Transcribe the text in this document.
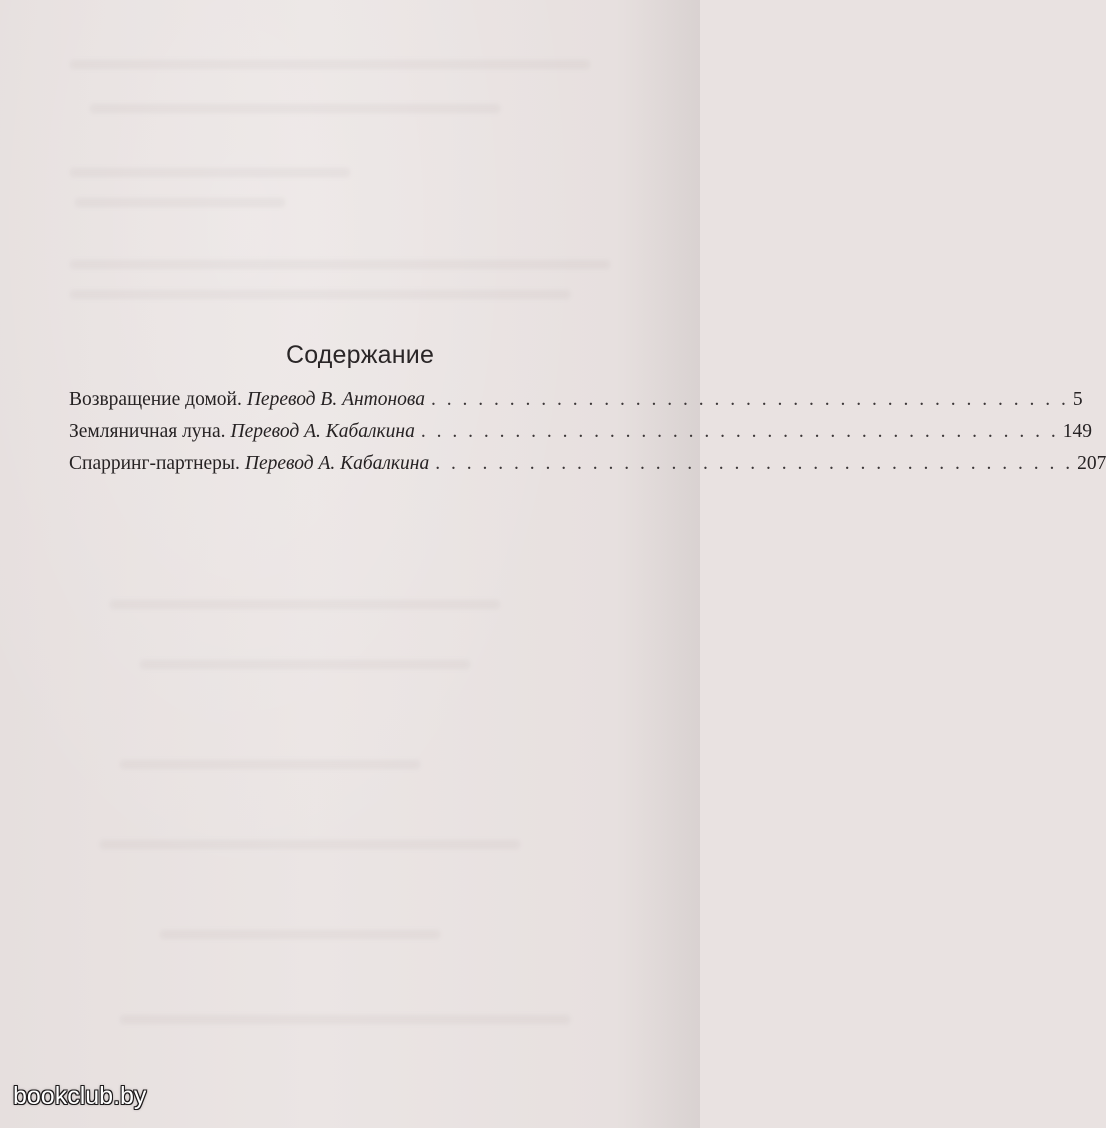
Содержание
Возвращение домой. Перевод В. Антонова . . . . . . . . . . . . . . . . . . . . . . . . . . . . . . . . . . . . . . . . . 5
Земляничная луна. Перевод А. Кабалкина . . . . . . . . . . . . . . . . . . . . . . . . . . . . . . . . . . . . . . . . . 149
Спарринг-партнеры. Перевод А. Кабалкина . . . . . . . . . . . . . . . . . . . . . . . . . . . . . . . . . . . . . . . . . 207
bookclub.by
